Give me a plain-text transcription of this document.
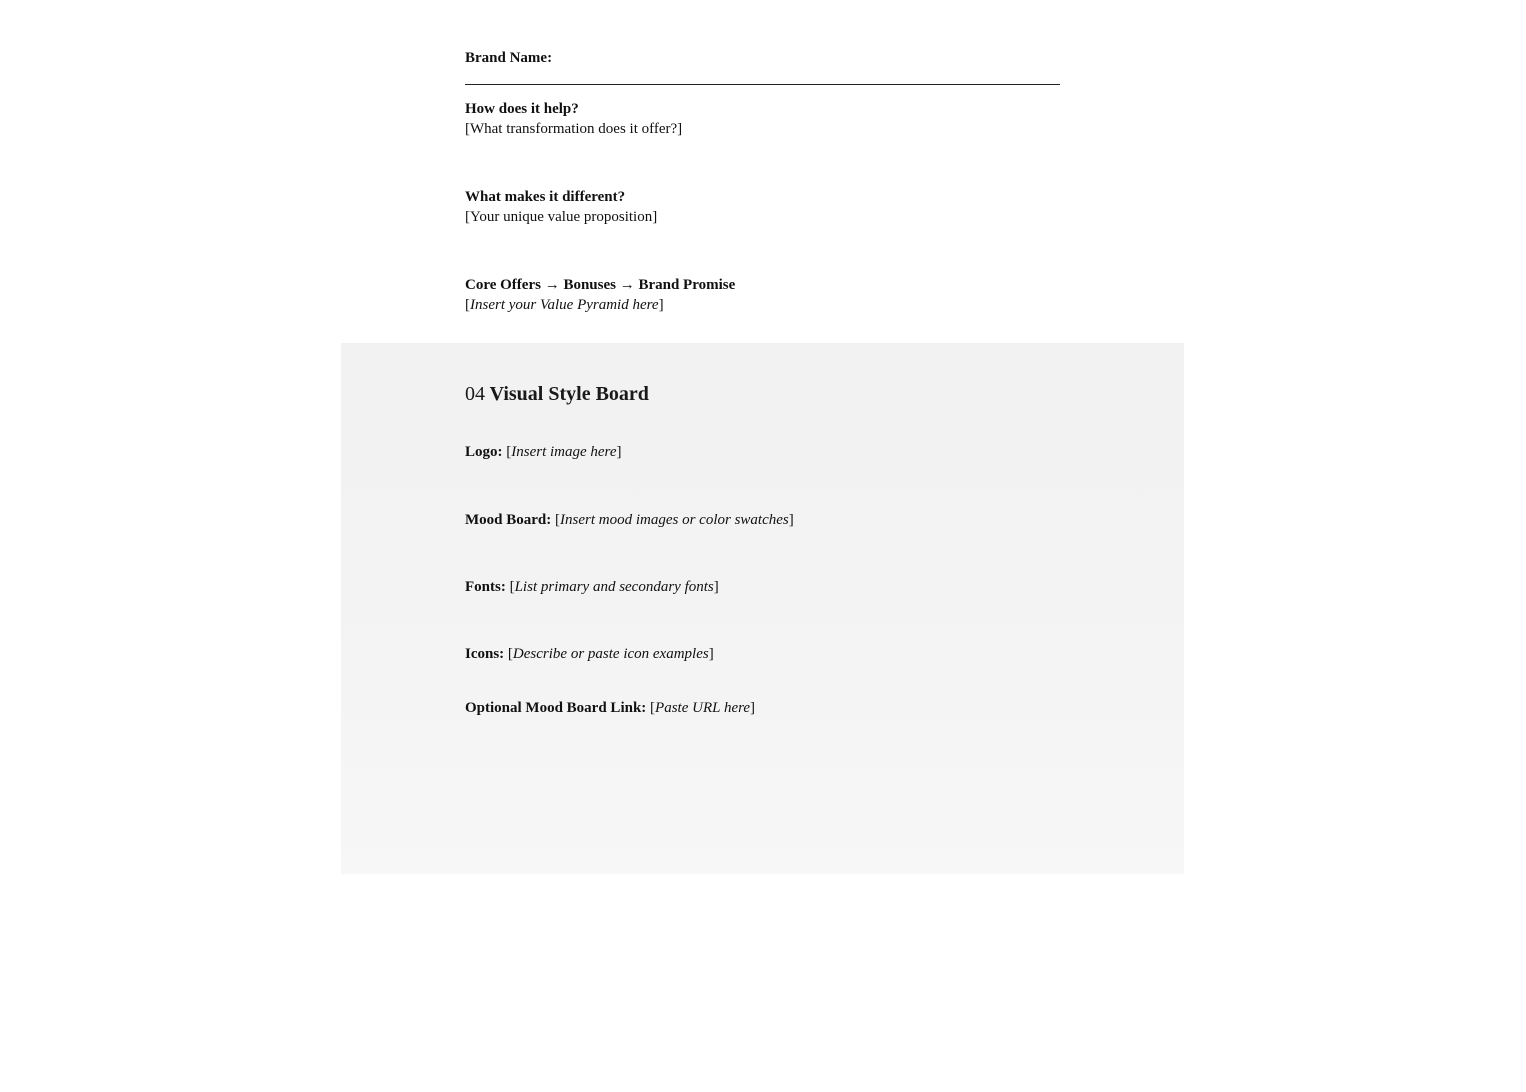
Brand Name:

How does it help?

[What transformation does it offer?]

What makes it different?

[Your unique value proposition]

Core Offers → Bonuses → Brand Promise

[Insert your Value Pyramid here]

04 Visual Style Board

Logo: [Insert image here]

Mood Board: [Insert mood images or color swatches]

Fonts: [List primary and secondary fonts]

Icons: [Describe or paste icon examples]

Optional Mood Board Link: [Paste URL here]
